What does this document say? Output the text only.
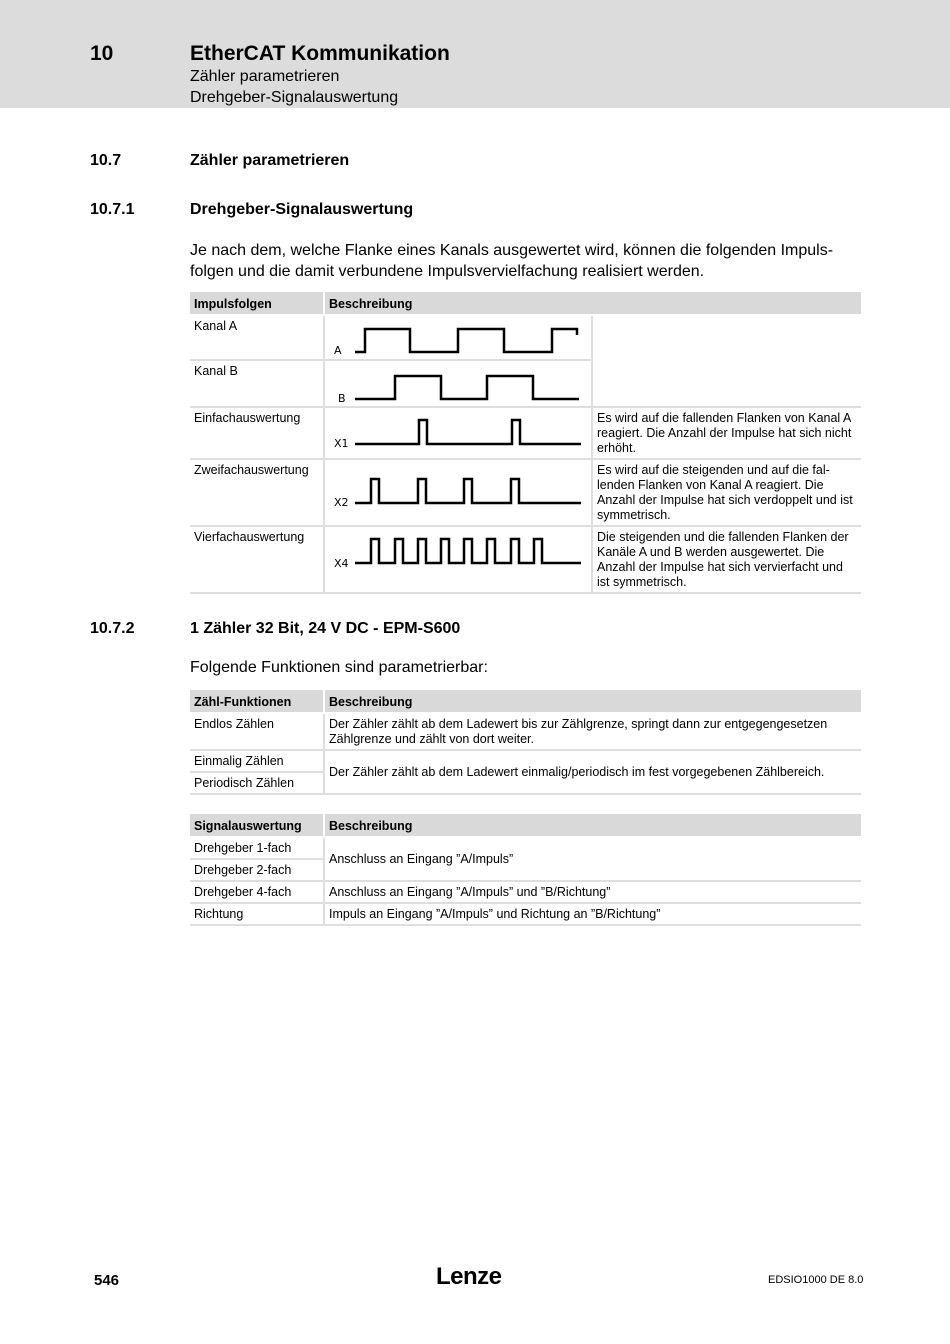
10	EtherCAT Kommunikation
Zähler parametrieren
Drehgeber-Signalauswertung
10.7	Zähler parametrieren
10.7.1	Drehgeber-Signalauswertung
Je nach dem, welche Flanke eines Kanals ausgewertet wird, können die folgenden Impuls- folgen und die damit verbundene Impulsvervielfachung realisiert werden.
Impulsfolgen	Beschreibung	
Kanal A	A	

Kanal B	B	

Einfachauswertung	X1	Es wird auf die fallenden Flanken von Kanal A reagiert. Die Anzahl der Impulse hat sich nicht erhöht.
Zweifachauswertung	X2	Es wird auf die steigenden und auf die fal- lenden Flanken von Kanal A reagiert. Die Anzahl der Impulse hat sich verdoppelt und ist symmetrisch.
Vierfachauswertung	X4	Die steigenden und die fallenden Flanken der Kanäle A und B werden ausgewertet. Die Anzahl der Impulse hat sich vervierfacht und ist symmetrisch.
10.7.2	1 Zähler 32 Bit, 24 V DC - EPM-S600
Folgende Funktionen sind parametrierbar:
Zähl-Funktionen	Beschreibung
Endlos Zählen	Der Zähler zählt ab dem Ladewert bis zur Zählgrenze, springt dann zur entgegengesetzen Zählgrenze und zählt von dort weiter.
Einmalig Zählen	Der Zähler zählt ab dem Ladewert einmalig/periodisch im fest vorgegebenen Zählbereich.
Periodisch Zählen	
Signalauswertung	Beschreibung
Drehgeber 1-fach	Anschluss an Eingang ”A/Impuls”
Drehgeber 2-fach	
Drehgeber 4-fach	Anschluss an Eingang ”A/Impuls” und ”B/Richtung”
Richtung	Impuls an Eingang ”A/Impuls” und Richtung an ”B/Richtung”
546	Lenze	EDSIO1000 DE 8.0
